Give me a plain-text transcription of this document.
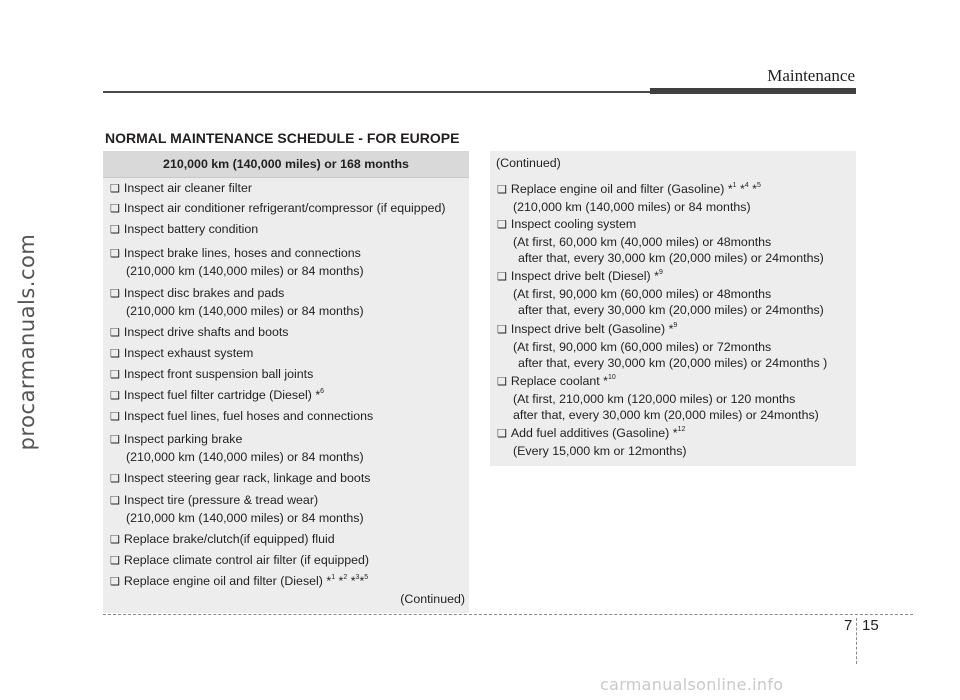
procarmanuals.com
Maintenance
NORMAL MAINTENANCE SCHEDULE - FOR EUROPE
210,000 km (140,000 miles) or 168 months
❑ Inspect air cleaner filter
❑ Inspect air conditioner refrigerant/compressor (if equipped)
❑ Inspect battery condition
❑ Inspect brake lines, hoses and connections
(210,000 km (140,000 miles) or 84 months)
❑ Inspect disc brakes and pads
(210,000 km (140,000 miles) or 84 months)
❑ Inspect drive shafts and boots
❑ Inspect exhaust system
❑ Inspect front suspension ball joints
❑ Inspect fuel filter cartridge (Diesel) *$^6$
❑ Inspect fuel lines, fuel hoses and connections
❑ Inspect parking brake
(210,000 km (140,000 miles) or 84 months)
❑ Inspect steering gear rack, linkage and boots
❑ Inspect tire (pressure & tread wear)
(210,000 km (140,000 miles) or 84 months)
❑ Replace brake/clutch(if equipped) fluid
❑ Replace climate control air filter (if equipped)
❑ Replace engine oil and filter (Diesel) *$^1$ *$^2$ *$^3$*$^5$
(Continued)
(Continued)
❑ Replace engine oil and filter (Gasoline) *$^1$ *$^4$ *$^5$
(210,000 km (140,000 miles) or 84 months)
❑ Inspect cooling system
(At first, 60,000 km (40,000 miles) or 48months
after that, every 30,000 km (20,000 miles) or 24months)
❑ Inspect drive belt (Diesel) *$^9$
(At first, 90,000 km (60,000 miles) or 48months
after that, every 30,000 km (20,000 miles) or 24months)
❑ Inspect drive belt (Gasoline) *$^9$
(At first, 90,000 km (60,000 miles) or 72months
after that, every 30,000 km (20,000 miles) or 24months )
❑ Replace coolant *$^{10}$
(At first, 210,000 km (120,000 miles) or 120 months
after that, every 30,000 km (20,000 miles) or 24months)
❑ Add fuel additives (Gasoline) *$^{12}$
(Every 15,000 km or 12months)
7 15
carmanualsonline.info
